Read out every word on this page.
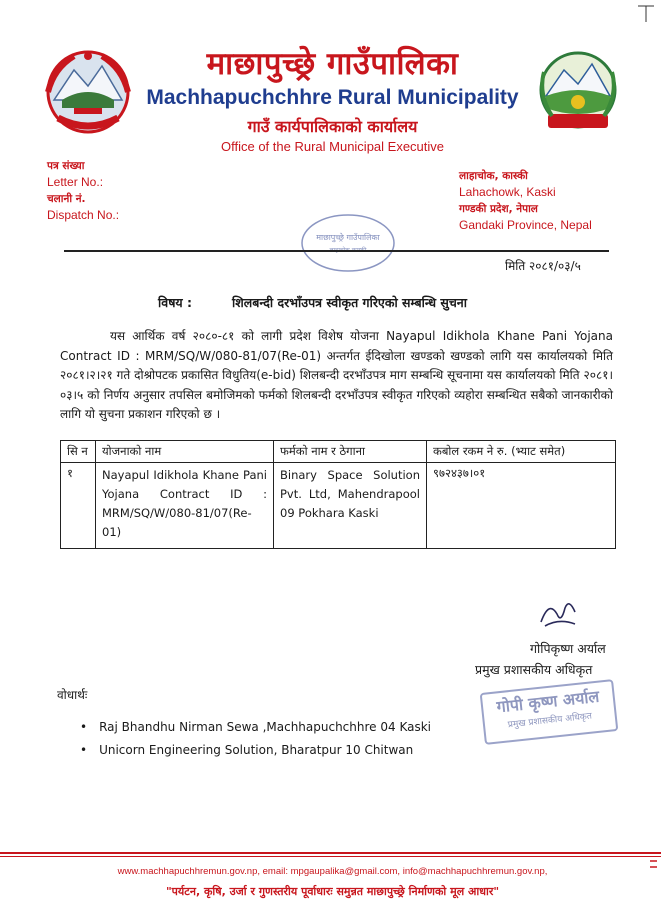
माछापुच्छ्रे गाउँपालिका
Machhapuchchhre Rural Municipality
गाउँ कार्यपालिकाको कार्यालय
Office of the Rural Municipal Executive
पत्र संख्या
Letter No.:
चलानी नं.
Dispatch No.:
लाहाचोक, कास्की
Lahachowk, Kaski
गण्डकी प्रदेश, नेपाल
Gandaki Province, Nepal
माछापुच्छ्रे गाउँपालिका
मिति २०८१/०३/५
विषय :	शिलबन्दी दरभाँउपत्र स्वीकृत गरिएको सम्बन्धि सुचना
यस आर्थिक वर्ष २०८०-८१ को लागी प्रदेश विशेष योजना Nayapul Idikhola Khane Pani Yojana Contract ID : MRM/SQ/W/080-81/07(Re-01) अन्तर्गत ईदिखोला खण्डको खण्डको लागि यस कार्यालयको मिति २०८१।२।२१ गते दोश्रोपटक प्रकासित विधुतिय(e-bid) शिलबन्दी दरभाँउपत्र माग सम्बन्धि सूचनामा यस कार्यालयको मिति २०८१।०३।५ को निर्णय अनुसार तपसिल बमोजिमको फर्मको शिलबन्दी दरभाँउपत्र स्वीकृत गरिएको व्यहोरा सम्बन्धित सबैको जानकारीको लागि यो सुचना प्रकाशन गरिएको छ ।
सि न	योजनाको नाम	फर्मको नाम र ठेगाना	कबोल रकम ने रु. (भ्याट समेत)
१	Nayapul Idikhola Khane Pani Yojana Contract ID : MRM/SQ/W/080-81/07(Re-01)	Binary Space Solution Pvt. Ltd, Mahendrapool 09 Pokhara Kaski	९७२४३७।०१
गोपिकृष्ण अर्याल
प्रमुख प्रशासकीय अधिकृत
गोपी कृष्ण अर्याल
प्रमुख प्रशासकीय अधिकृत
वोधार्थः
• Raj Bhandhu Nirman Sewa ,Machhapuchchhre 04 Kaski
• Unicorn Engineering Solution, Bharatpur 10 Chitwan
www.machhapuchhremun.gov.np, email: mpgaupalika@gmail.com, info@machhapuchhremun.gov.np,
"पर्यटन, कृषि, उर्जा र गुणस्तरीय पूर्वाधारः समुन्नत माछापुच्छ्रे निर्माणको मूल आधार"
